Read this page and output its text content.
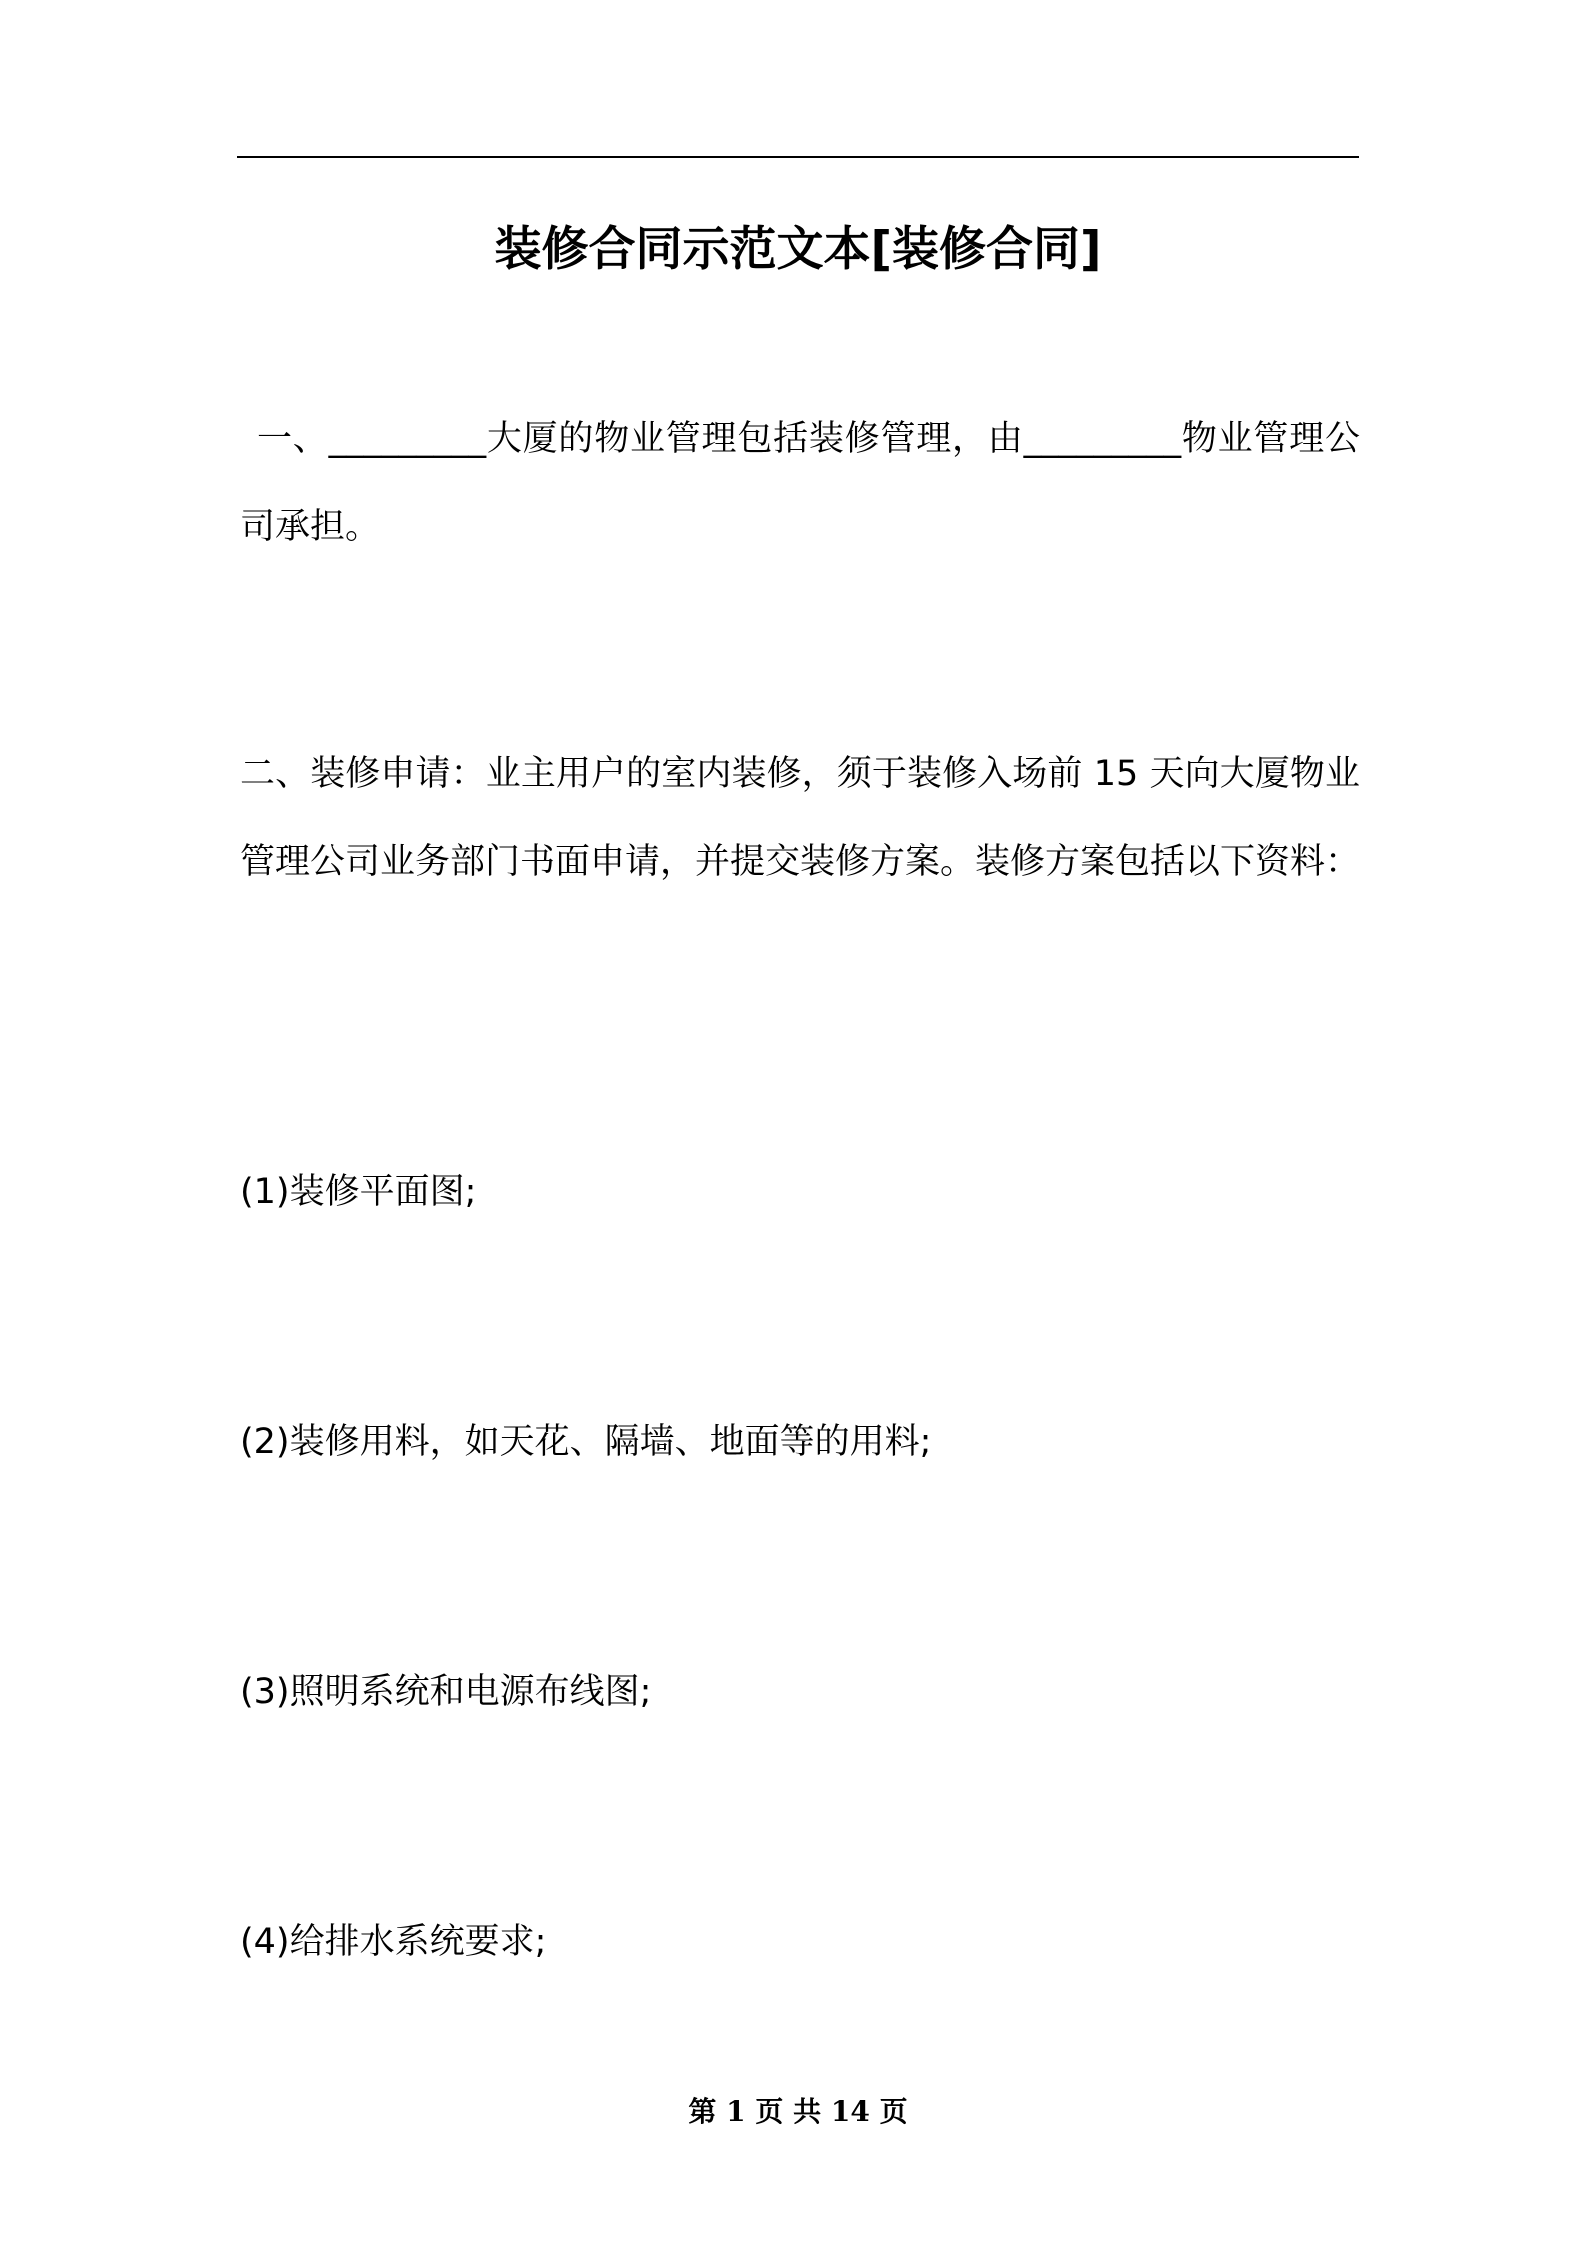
装修合同示范文本[装修合同]

一、_________大厦的物业管理包括装修管理，由_________物业管理公司承担。

二、装修申请：业主用户的室内装修，须于装修入场前 15 天向大厦物业管理公司业务部门书面申请，并提交装修方案。装修方案包括以下资料：

(1)装修平面图;

(2)装修用料，如天花、隔墙、地面等的用料;

(3)照明系统和电源布线图;

(4)给排水系统要求;

第 1 页 共 14 页
